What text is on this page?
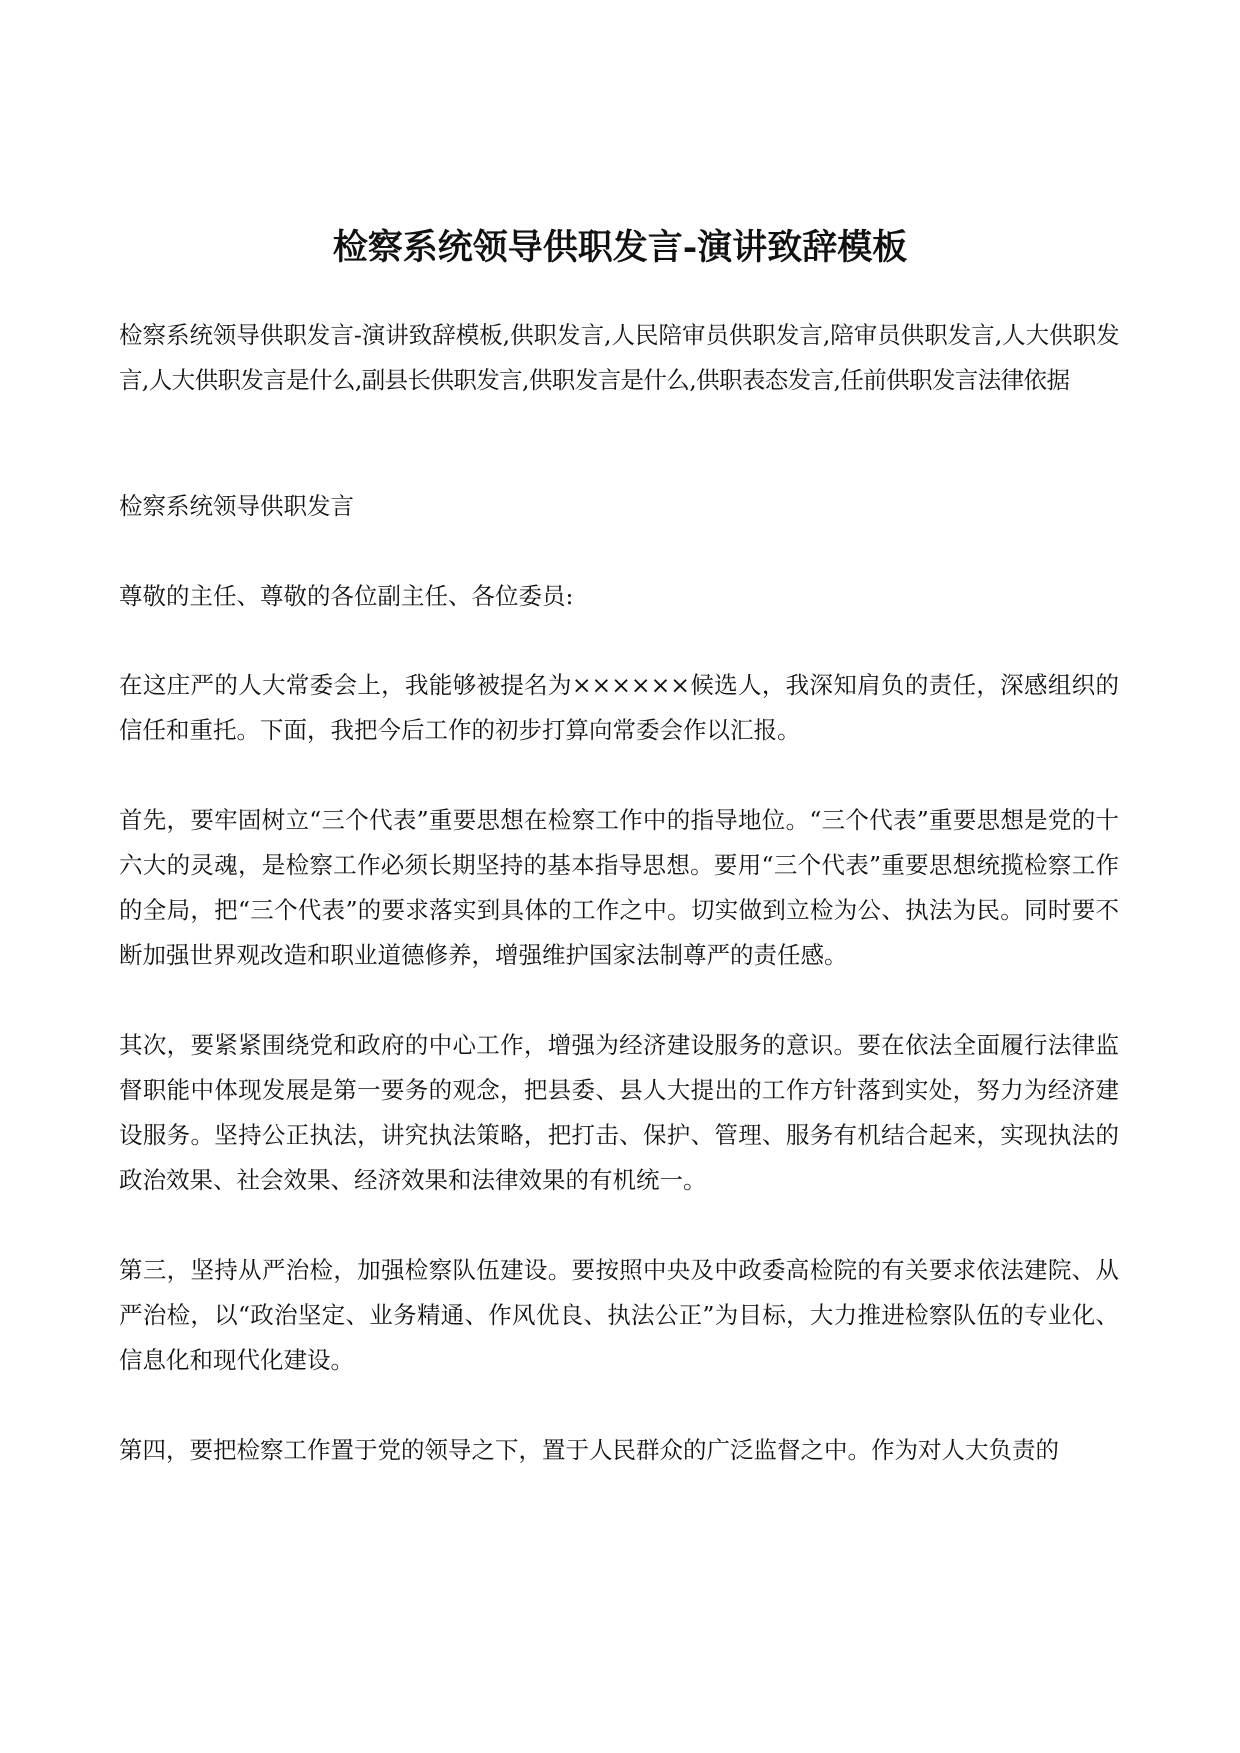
检察系统领导供职发言-演讲致辞模板

检察系统领导供职发言-演讲致辞模板,供职发言,人民陪审员供职发言,陪审员供职发言,人大供职发言,人大供职发言是什么,副县长供职发言,供职发言是什么,供职表态发言,任前供职发言法律依据

检察系统领导供职发言

尊敬的主任、尊敬的各位副主任、各位委员:

在这庄严的人大常委会上，我能够被提名为××××××候选人，我深知肩负的责任，深感组织的信任和重托。下面，我把今后工作的初步打算向常委会作以汇报。

首先，要牢固树立“三个代表”重要思想在检察工作中的指导地位。“三个代表”重要思想是党的十六大的灵魂，是检察工作必须长期坚持的基本指导思想。要用“三个代表”重要思想统揽检察工作的全局，把“三个代表”的要求落实到具体的工作之中。切实做到立检为公、执法为民。同时要不断加强世界观改造和职业道德修养，增强维护国家法制尊严的责任感。

其次，要紧紧围绕党和政府的中心工作，增强为经济建设服务的意识。要在依法全面履行法律监督职能中体现发展是第一要务的观念，把县委、县人大提出的工作方针落到实处，努力为经济建设服务。坚持公正执法，讲究执法策略，把打击、保护、管理、服务有机结合起来，实现执法的政治效果、社会效果、经济效果和法律效果的有机统一。

第三，坚持从严治检，加强检察队伍建设。要按照中央及中政委高检院的有关要求依法建院、从严治检，以“政治坚定、业务精通、作风优良、执法公正”为目标，大力推进检察队伍的专业化、信息化和现代化建设。

第四，要把检察工作置于党的领导之下，置于人民群众的广泛监督之中。作为对人大负责的
